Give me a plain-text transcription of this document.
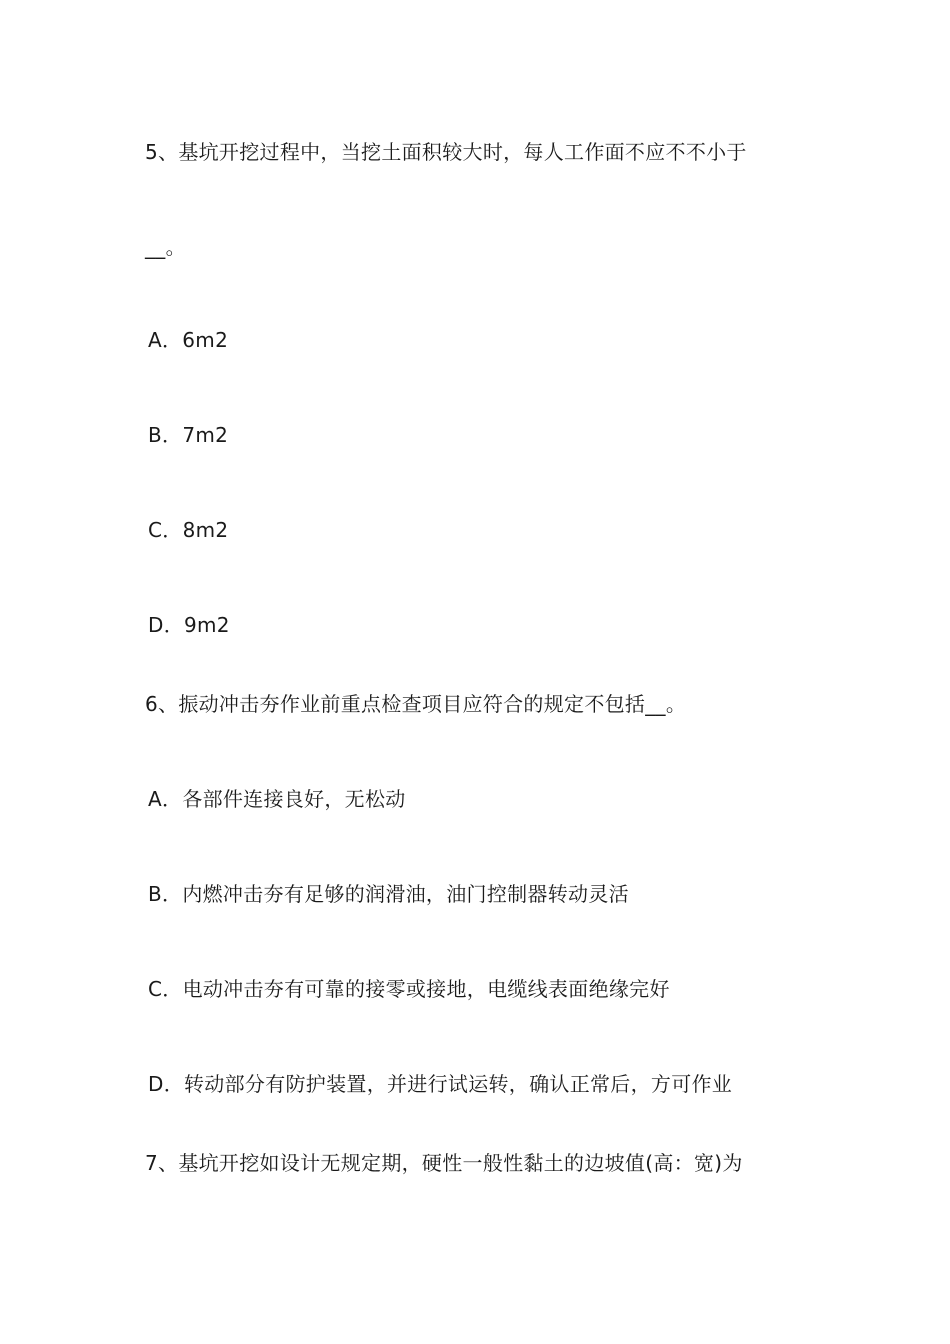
5、基坑开挖过程中，当挖土面积较大时，每人工作面不应不不小于
__。
A．6m2
B．7m2
C．8m2
D．9m2
6、振动冲击夯作业前重点检查项目应符合的规定不包括__。
A．各部件连接良好，无松动
B．内燃冲击夯有足够的润滑油，油门控制器转动灵活
C．电动冲击夯有可靠的接零或接地，电缆线表面绝缘完好
D．转动部分有防护装置，并进行试运转，确认正常后，方可作业
7、基坑开挖如设计无规定期，硬性一般性黏土的边坡值(高：宽)为
